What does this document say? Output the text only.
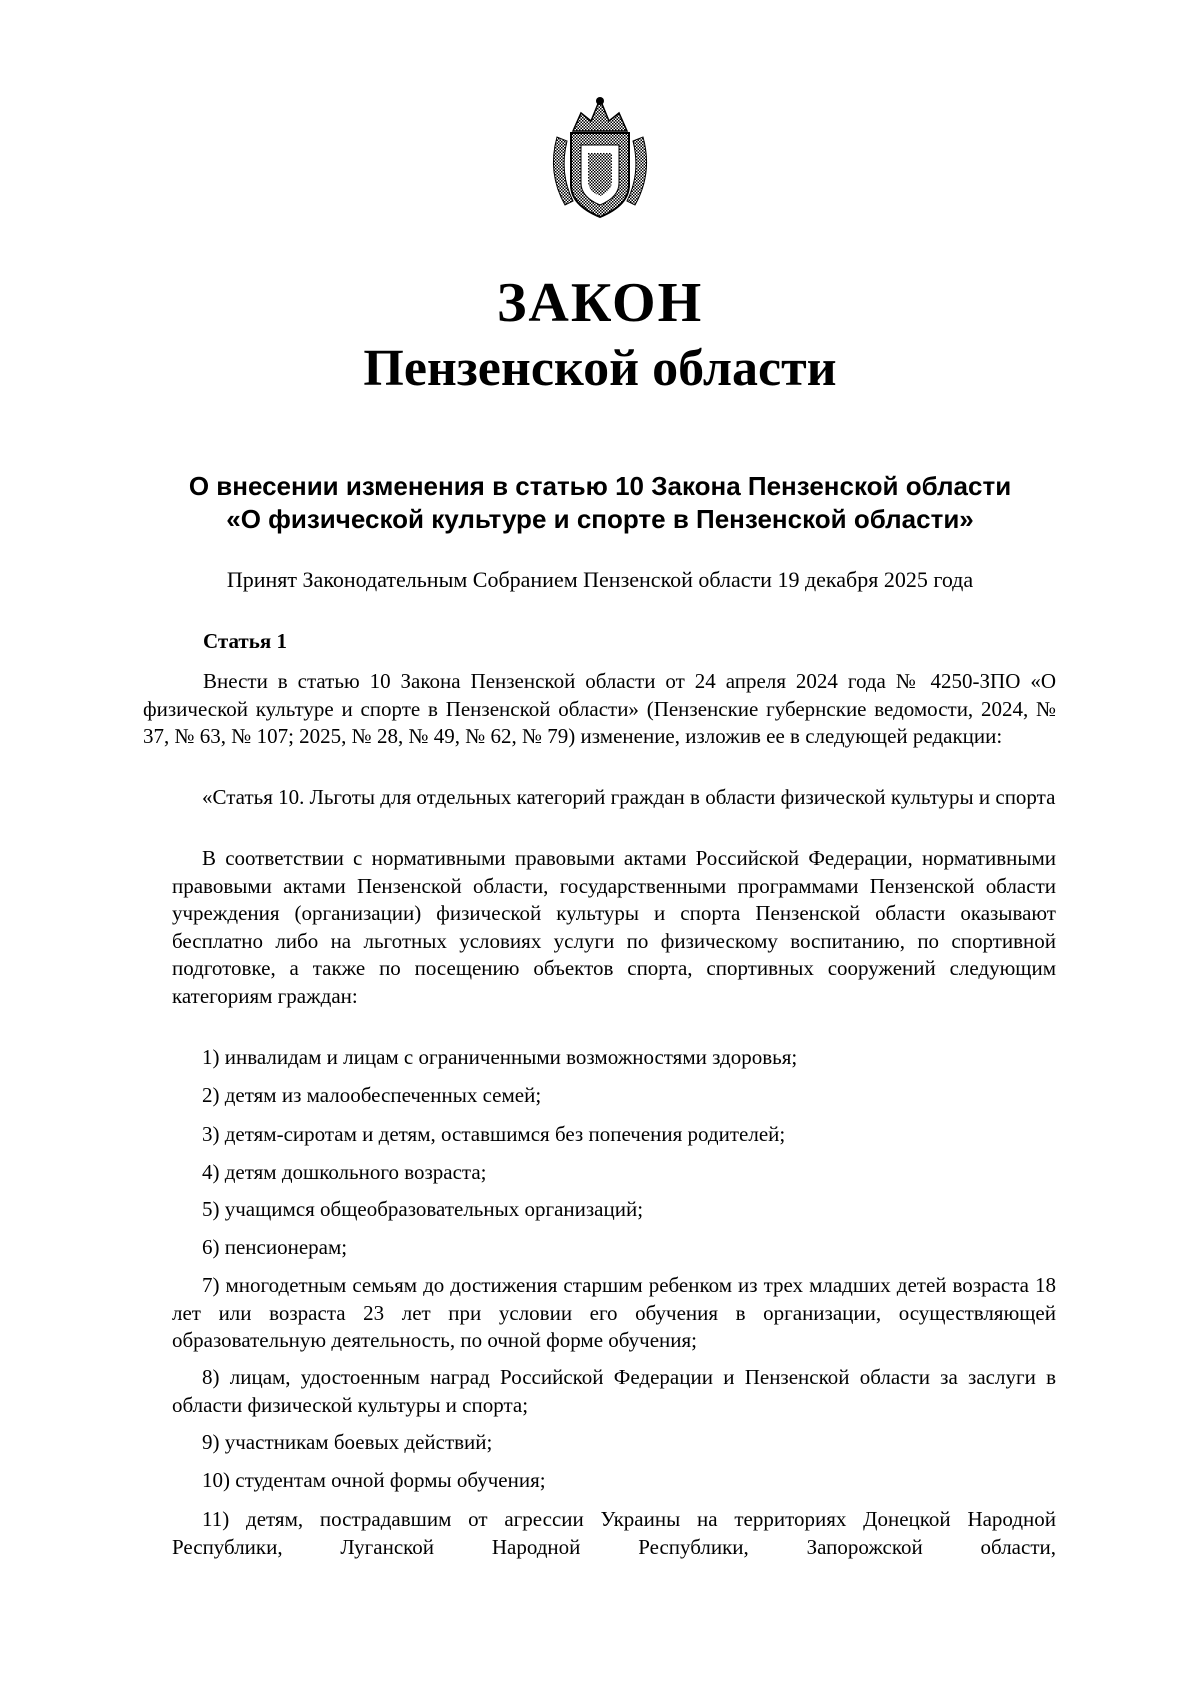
ЗАКОН
Пензенской области
О внесении изменения в статью 10 Закона Пензенской области
«О физической культуре и спорте в Пензенской области»
Принят Законодательным Собранием Пензенской области 19 декабря 2025 года
Статья 1
Внести в статью 10 Закона Пензенской области от 24 апреля 2024 года № 4250-ЗПО «О физической культуре и спорте в Пензенской области» (Пензенские губернские ведомости, 2024, № 37, № 63, № 107; 2025, № 28, № 49, № 62, № 79) изменение, изложив ее в следующей редакции:
«Статья 10. Льготы для отдельных категорий граждан в области физической культуры и спорта
В соответствии с нормативными правовыми актами Российской Федерации, нормативными правовыми актами Пензенской области, государственными программами Пензенской области учреждения (организации) физической культуры и спорта Пензенской области оказывают бесплатно либо на льготных условиях услуги по физическому воспитанию, по спортивной подготовке, а также по посещению объектов спорта, спортивных сооружений следующим категориям граждан:
1) инвалидам и лицам с ограниченными возможностями здоровья;
2) детям из малообеспеченных семей;
3) детям-сиротам и детям, оставшимся без попечения родителей;
4) детям дошкольного возраста;
5) учащимся общеобразовательных организаций;
6) пенсионерам;
7) многодетным семьям до достижения старшим ребенком из трех младших детей возраста 18 лет или возраста 23 лет при условии его обучения в организации, осуществляющей образовательную деятельность, по очной форме обучения;
8) лицам, удостоенным наград Российской Федерации и Пензенской области за заслуги в области физической культуры и спорта;
9) участникам боевых действий;
10) студентам очной формы обучения;
11) детям, пострадавшим от агрессии Украины на территориях Донецкой Народной Республики, Луганской Народной Республики, Запорожской области,
